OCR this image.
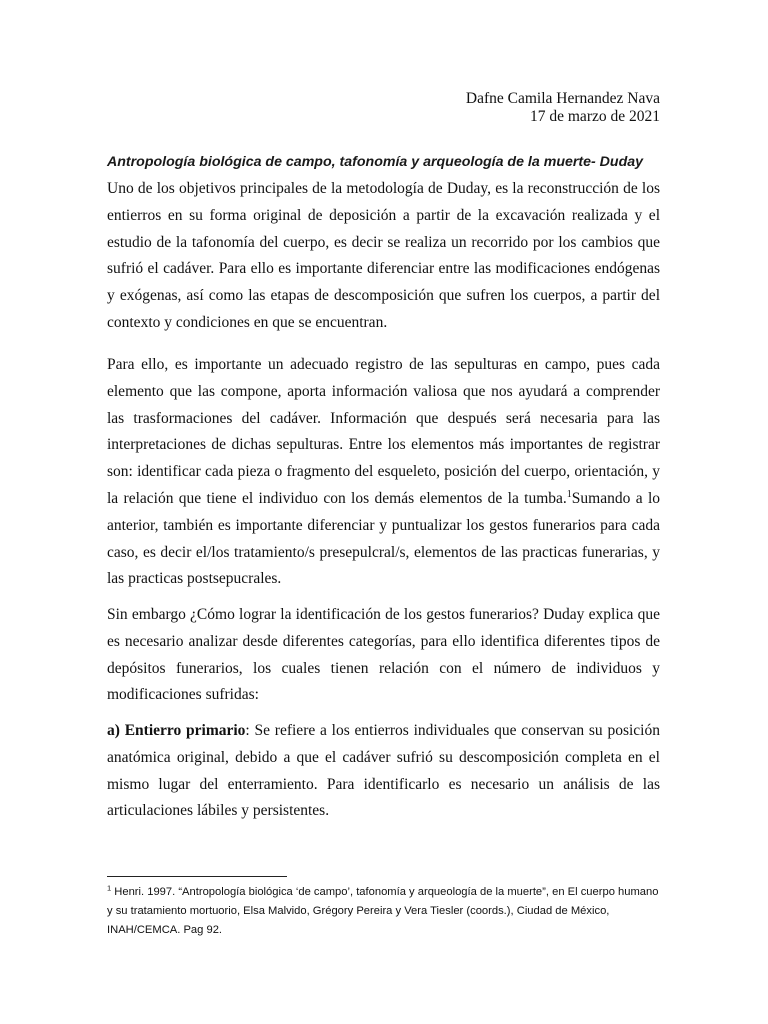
Dafne Camila Hernandez Nava
17 de marzo de 2021
Antropología biológica de campo, tafonomía y arqueología de la muerte- Duday

Uno de los objetivos principales de la metodología de Duday, es la reconstrucción de los entierros en su forma original de deposición a partir de la excavación realizada y el estudio de la tafonomía del cuerpo, es decir se realiza un recorrido por los cambios que sufrió el cadáver. Para ello es importante diferenciar entre las modificaciones endógenas y exógenas, así como las etapas de descomposición que sufren los cuerpos, a partir del contexto y condiciones en que se encuentran.

Para ello, es importante un adecuado registro de las sepulturas en campo, pues cada elemento que las compone, aporta información valiosa que nos ayudará a comprender las trasformaciones del cadáver. Información que después será necesaria para las interpretaciones de dichas sepulturas. Entre los elementos más importantes de registrar son: identificar cada pieza o fragmento del esqueleto, posición del cuerpo, orientación, y la relación que tiene el individuo con los demás elementos de la tumba.$^1$Sumando a lo anterior, también es importante diferenciar y puntualizar los gestos funerarios para cada caso, es decir el/los tratamiento/s presepulcral/s, elementos de las practicas funerarias, y las practicas postsepucrales.

Sin embargo ¿Cómo lograr la identificación de los gestos funerarios? Duday explica que es necesario analizar desde diferentes categorías, para ello identifica diferentes tipos de depósitos funerarios, los cuales tienen relación con el número de individuos y modificaciones sufridas:

a) Entierro primario: Se refiere a los entierros individuales que conservan su posición anatómica original, debido a que el cadáver sufrió su descomposición completa en el mismo lugar del enterramiento. Para identificarlo es necesario un análisis de las articulaciones lábiles y persistentes.

$^1$ Henri. 1997. “Antropología biológica ‘de campo’, tafonomía y arqueología de la muerte”, en El cuerpo humano y su tratamiento mortuorio, Elsa Malvido, Grégory Pereira y Vera Tiesler (coords.), Ciudad de México, INAH/CEMCA. Pag 92.
